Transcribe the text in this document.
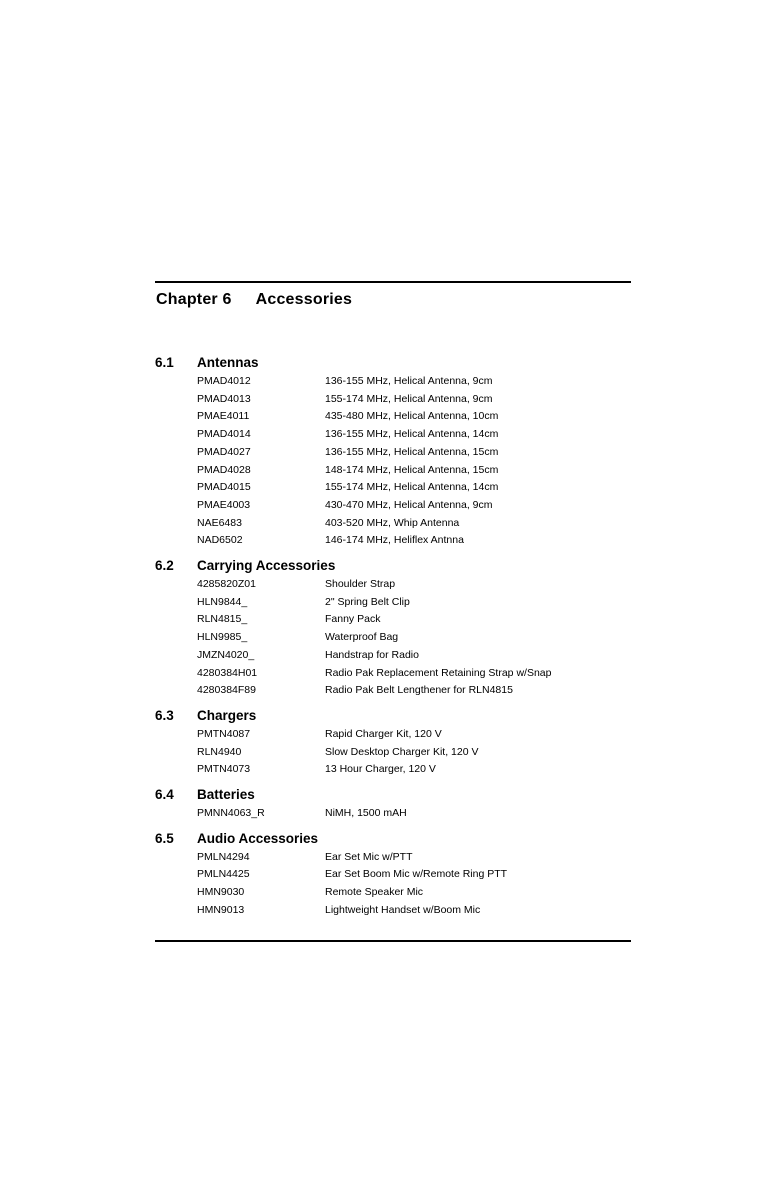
Chapter 6 Accessories
6.1	Antennas
PMAD4012	136-155 MHz, Helical Antenna, 9cm
PMAD4013	155-174 MHz, Helical Antenna, 9cm
PMAE4011	435-480 MHz, Helical Antenna, 10cm
PMAD4014	136-155 MHz, Helical Antenna, 14cm
PMAD4027	136-155 MHz, Helical Antenna, 15cm
PMAD4028	148-174 MHz, Helical Antenna, 15cm
PMAD4015	155-174 MHz, Helical Antenna, 14cm
PMAE4003	430-470 MHz, Helical Antenna, 9cm
NAE6483	403-520 MHz, Whip Antenna
NAD6502	146-174 MHz, Heliflex Antnna
6.2	Carrying Accessories
4285820Z01	Shoulder Strap
HLN9844_	2" Spring Belt Clip
RLN4815_	Fanny Pack
HLN9985_	Waterproof Bag
JMZN4020_	Handstrap for Radio
4280384H01	Radio Pak Replacement Retaining Strap w/Snap
4280384F89	Radio Pak Belt Lengthener for RLN4815
6.3	Chargers
PMTN4087	Rapid Charger Kit, 120 V
RLN4940	Slow Desktop Charger Kit, 120 V
PMTN4073	13 Hour Charger, 120 V
6.4	Batteries
PMNN4063_R	NiMH, 1500 mAH
6.5	Audio Accessories
PMLN4294	Ear Set Mic w/PTT
PMLN4425	Ear Set Boom Mic w/Remote Ring PTT
HMN9030	Remote Speaker Mic
HMN9013	Lightweight Handset w/Boom Mic
